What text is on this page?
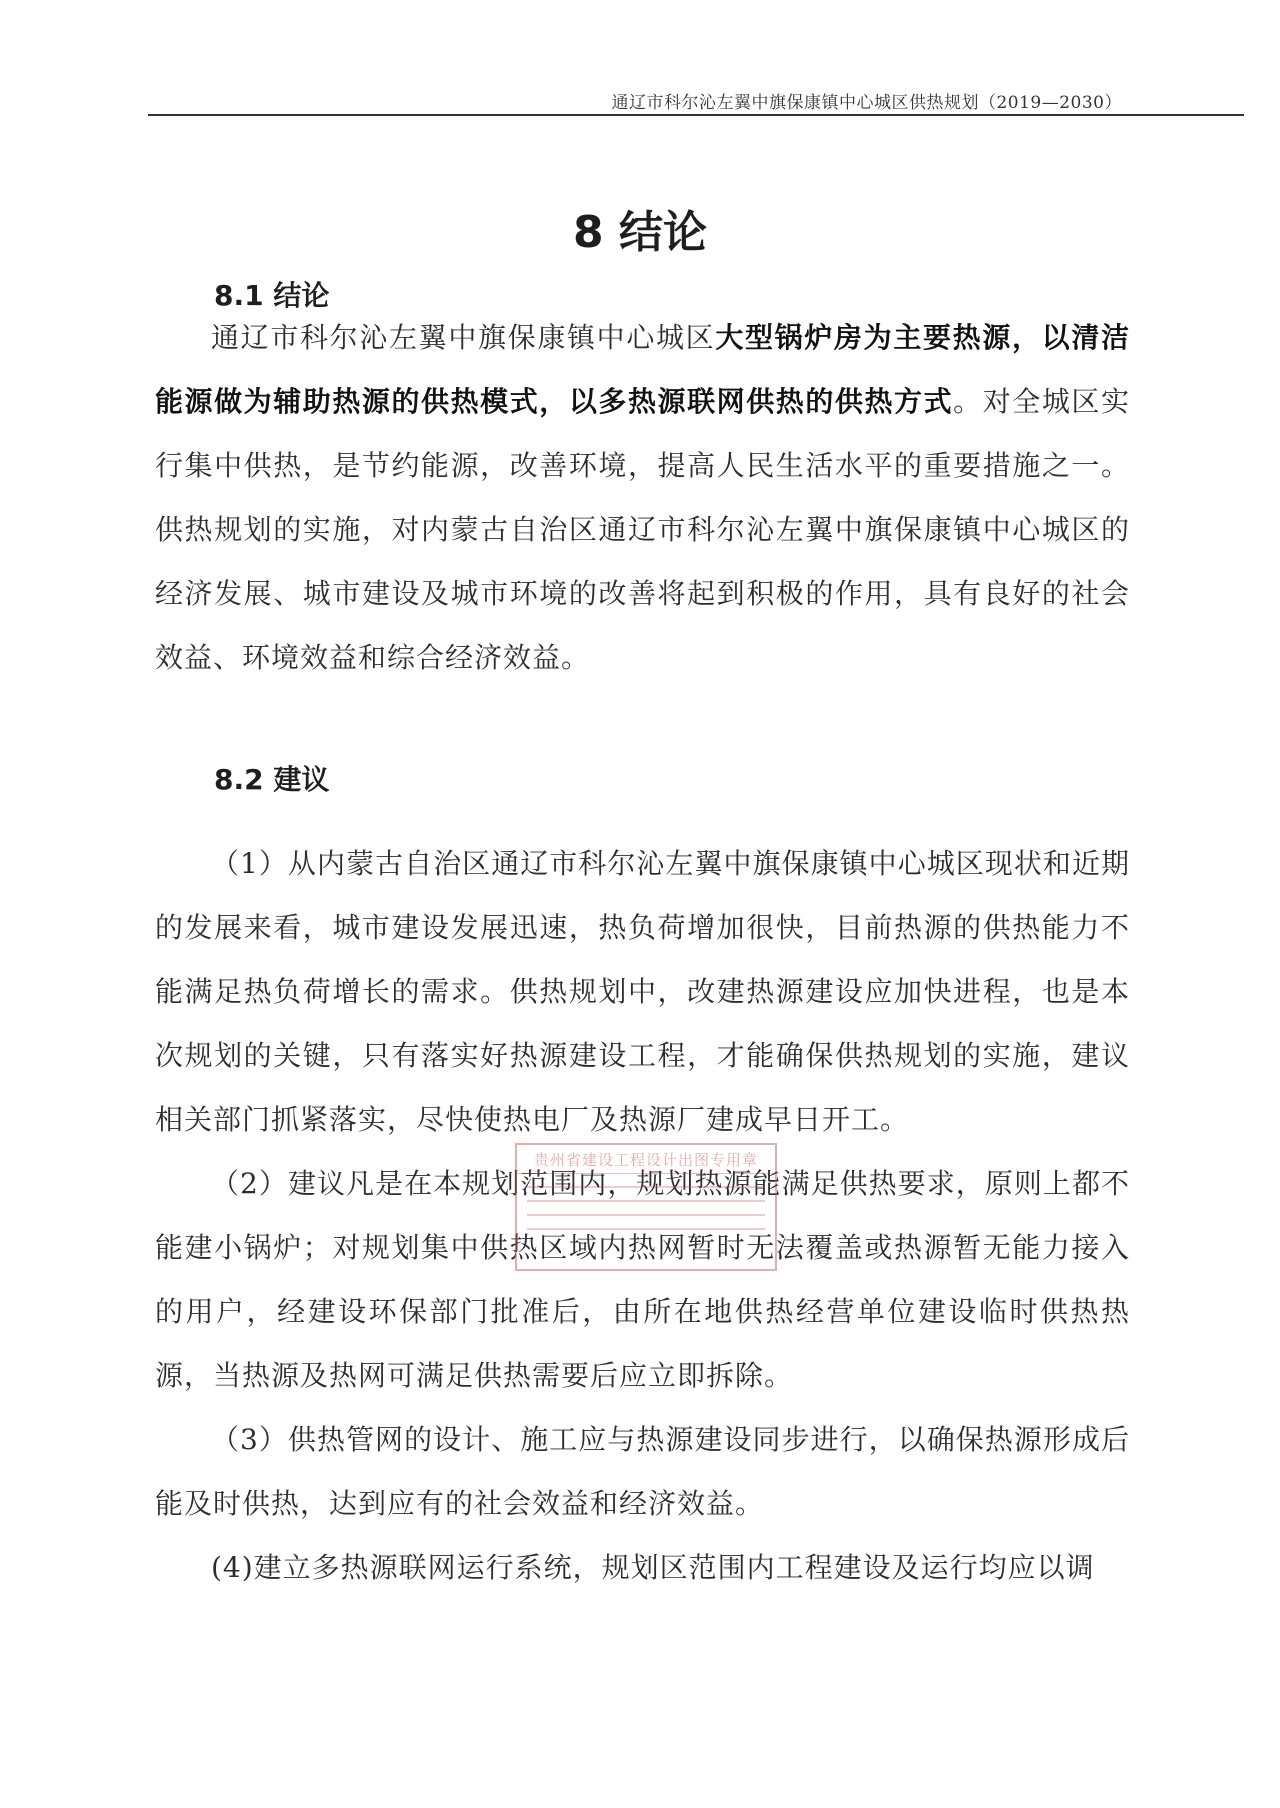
通辽市科尔沁左翼中旗保康镇中心城区供热规划（2019—2030）
8 结论
8.1 结论
通辽市科尔沁左翼中旗保康镇中心城区大型锅炉房为主要热源，以清洁能源做为辅助热源的供热模式，以多热源联网供热的供热方式。对全城区实行集中供热，是节约能源，改善环境，提高人民生活水平的重要措施之一。供热规划的实施，对内蒙古自治区通辽市科尔沁左翼中旗保康镇中心城区的经济发展、城市建设及城市环境的改善将起到积极的作用，具有良好的社会效益、环境效益和综合经济效益。
8.2 建议
（1）从内蒙古自治区通辽市科尔沁左翼中旗保康镇中心城区现状和近期的发展来看，城市建设发展迅速，热负荷增加很快，目前热源的供热能力不能满足热负荷增长的需求。供热规划中，改建热源建设应加快进程，也是本次规划的关键，只有落实好热源建设工程，才能确保供热规划的实施，建议相关部门抓紧落实，尽快使热电厂及热源厂建成早日开工。
（2）建议凡是在本规划范围内，规划热源能满足供热要求，原则上都不能建小锅炉；对规划集中供热区域内热网暂时无法覆盖或热源暂无能力接入的用户，经建设环保部门批准后，由所在地供热经营单位建设临时供热热源，当热源及热网可满足供热需要后应立即拆除。
（3）供热管网的设计、施工应与热源建设同步进行，以确保热源形成后能及时供热，达到应有的社会效益和经济效益。
(4)建立多热源联网运行系统，规划区范围内工程建设及运行均应以调
贵州省建设工程设计出图专用章
